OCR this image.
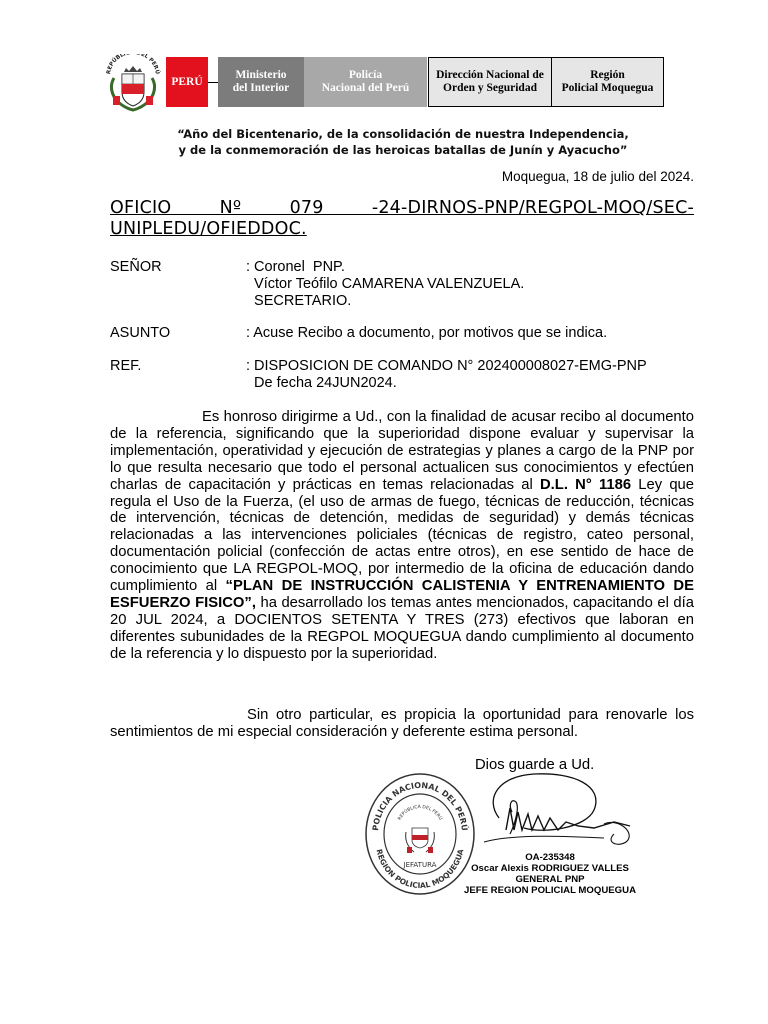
REPÚBLI EL PERÚ
PERÚ
Ministerio
del Interior
Policía
Nacional del Perú
Dirección Nacional de
Orden y Seguridad
Región
Policial Moquegua
“Año del Bicentenario, de la consolidación de nuestra Independencia,
y de la conmemoración de las heroicas batallas de Junín y Ayacucho”
Moquegua, 18 de julio del 2024.
OFICIO Nº 079 -24-DIRNOS-PNP/REGPOL-MOQ/SEC-UNIPLEDU/OFIEDDOC.
SEÑOR	: Coronel  PNP.
Víctor Teófilo CAMARENA VALENZUELA.
SECRETARIO.
ASUNTO	: Acuse Recibo a documento, por motivos que se indica.
REF.	: DISPOSICION DE COMANDO N° 202400008027-EMG-PNP
De fecha 24JUN2024.
Es honroso dirigirme a Ud., con la finalidad de acusar recibo al documento de la referencia, significando que la superioridad dispone evaluar y supervisar la implementación, operatividad y ejecución de estrategias y planes a cargo de la PNP por lo que resulta necesario que todo el personal actualicen sus conocimientos y efectúen charlas de capacitación y prácticas en temas relacionadas al D.L. N° 1186 Ley que regula el Uso de la Fuerza, (el uso de armas de fuego, técnicas de reducción, técnicas de intervención, técnicas de detención, medidas de seguridad) y demás técnicas relacionadas a las intervenciones policiales (técnicas de registro, cateo personal, documentación policial (confección de actas entre otros), en ese sentido de hace de conocimiento que LA REGPOL-MOQ, por intermedio de la oficina de educación dando cumplimiento al “PLAN DE INSTRUCCIÓN CALISTENIA Y ENTRENAMIENTO DE ESFUERZO FISICO”, ha desarrollado los temas antes mencionados, capacitando el día 20 JUL 2024, a DOCIENTOS SETENTA Y TRES (273) efectivos que laboran en diferentes subunidades de la REGPOL MOQUEGUA dando cumplimiento al documento de la referencia y lo dispuesto por la superioridad.
Sin otro particular, es propicia la oportunidad para renovarle los sentimientos de mi especial consideración y deferente estima personal.
Dios guarde a Ud.
POLICIA NACIONAL DEL PERÚ
REGION POLICIAL MOQUEGUA
REPÚBLICA DEL PERÚ
JEFATURA
OA-235348
Oscar Alexis RODRIGUEZ VALLES
GENERAL PNP
JEFE REGION POLICIAL MOQUEGUA
